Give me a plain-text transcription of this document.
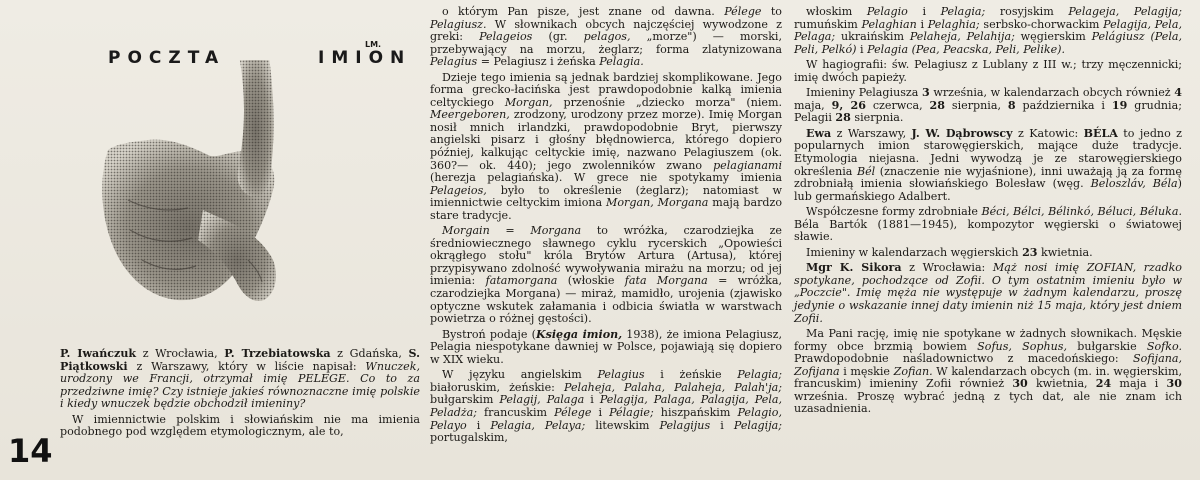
POCZTA	IMION
LM.

P. Iwańczuk z Wrocławia, P. Trzebiatowska z Gdańska, S. Piątkowski z Warszawy, który w liście napisał: Wnuczek, urodzony we Francji, otrzymał imię PELEGE. Co to za przedziwne imię? Czy istnieje jakieś równoznaczne imię polskie i kiedy wnuczek będzie obchodził imieniny?

W imiennictwie polskim i słowiańskim nie ma imienia podobnego pod względem etymologicznym, ale to,

o którym Pan pisze, jest znane od dawna. Pélege to Pelagiusz. W słownikach obcych najczęściej wywodzone z greki: Pelageios (gr. pelagos, „morze") — morski, przebywający na morzu, żeglarz; forma zlatynizowana Pelagius = Pelagiusz i żeńska Pelagia.

Dzieje tego imienia są jednak bardziej skomplikowane. Jego forma grecko-łacińska jest prawdopodobnie kalką imienia celtyckiego Morgan, przenośnie „dziecko morza" (niem. Meergeboren, zrodzony, urodzony przez morze). Imię Morgan nosił mnich irlandzki, prawdopodobnie Bryt, pierwszy angielski pisarz i głośny błędnowierca, którego dopiero później, kalkując celtyckie imię, nazwano Pelagiuszem (ok. 360?— ok. 440); jego zwolenników zwano pelagianami (herezja pelagiańska). W grece nie spotykamy imienia Pelageios, było to określenie (żeglarz); natomiast w imiennictwie celtyckim imiona Morgan, Morgana mają bardzo stare tradycje.

Morgain = Morgana to wróżka, czarodziejka ze średniowiecznego sławnego cyklu rycerskich „Opowieści okrągłego stołu" króla Brytów Artura (Artusa), której przypisywano zdolność wywoływania mirażu na morzu; od jej imienia: fatamorgana (włoskie fata Morgana = wróżka, czarodziejka Morgana) — miraż, mamidło, urojenia (zjawisko optyczne wskutek załamania i odbicia światła w warstwach powietrza o różnej gęstości).

Bystroń podaje (Księga imion, 1938), że imiona Pelagiusz, Pelagia niespotykane dawniej w Polsce, pojawiają się dopiero w XIX wieku.

W języku angielskim Pelagius i żeńskie Pelagia; białoruskim, żeńskie: Pelaheja, Palaha, Palaheja, Palah'ja; bułgarskim Pelagij, Palaga i Pelagija, Palaga, Palagija, Pela, Peladża; francuskim Pélege i Pélagie; hiszpańskim Pelagio, Pelayo i Pelagia, Pelaya; litewskim Pelagijus i Pelagija; portugalskim,

włoskim Pelagio i Pelagia; rosyjskim Pelageja, Pelagija; rumuńskim Pelaghian i Pelaghia; serbsko-chorwackim Pelagija, Pela, Pelaga; ukraińskim Pelaheja, Pelahija; węgierskim Pelágiusz (Pela, Peli, Pelkó) i Pelagia (Pea, Peacska, Peli, Pelike).

W hagiografii: św. Pelagiusz z Lublany z III w.; trzy męczennicki; imię dwóch papieży.

Imieniny Pelagiusza 3 września, w kalendarzach obcych również 4 maja, 9, 26 czerwca, 28 sierpnia, 8 października i 19 grudnia; Pelagii 28 sierpnia.

Ewa z Warszawy, J. W. Dąbrowscy z Katowic: BÉLA to jedno z popularnych imion starowęgierskich, mające duże tradycje. Etymologia niejasna. Jedni wywodzą je ze starowęgierskiego określenia Bél (znaczenie nie wyjaśnione), inni uważają ją za formę zdrobniałą imienia słowiańskiego Bolesław (węg. Beloszláv, Béla) lub germańskiego Adalbert.

Współczesne formy zdrobniałe Béci, Bélci, Bélinkó, Béluci, Béluka. Béla Bartók (1881—1945), kompozytor węgierski o światowej sławie.

Imieniny w kalendarzach węgierskich 23 kwietnia.

Mgr K. Sikora z Wrocławia: Mąż nosi imię ZOFIAN, rzadko spotykane, pochodzące od Zofii. O tym ostatnim imieniu było w „Poczcie". Imię męża nie występuje w żadnym kalendarzu, proszę jedynie o wskazanie innej daty imienin niż 15 maja, który jest dniem Zofii.

Ma Pani rację, imię nie spotykane w żadnych słownikach. Męskie formy obce brzmią bowiem Sofus, Sophus, bułgarskie Sofko. Prawdopodobnie naśladownictwo z macedońskiego: Sofijana, Zofijana i męskie Zofian. W kalendarzach obcych (m. in. węgierskim, francuskim) imieniny Zofii również 30 kwietnia, 24 maja i 30 września. Proszę wybrać jedną z tych dat, ale nie znam ich uzasadnienia.

14
